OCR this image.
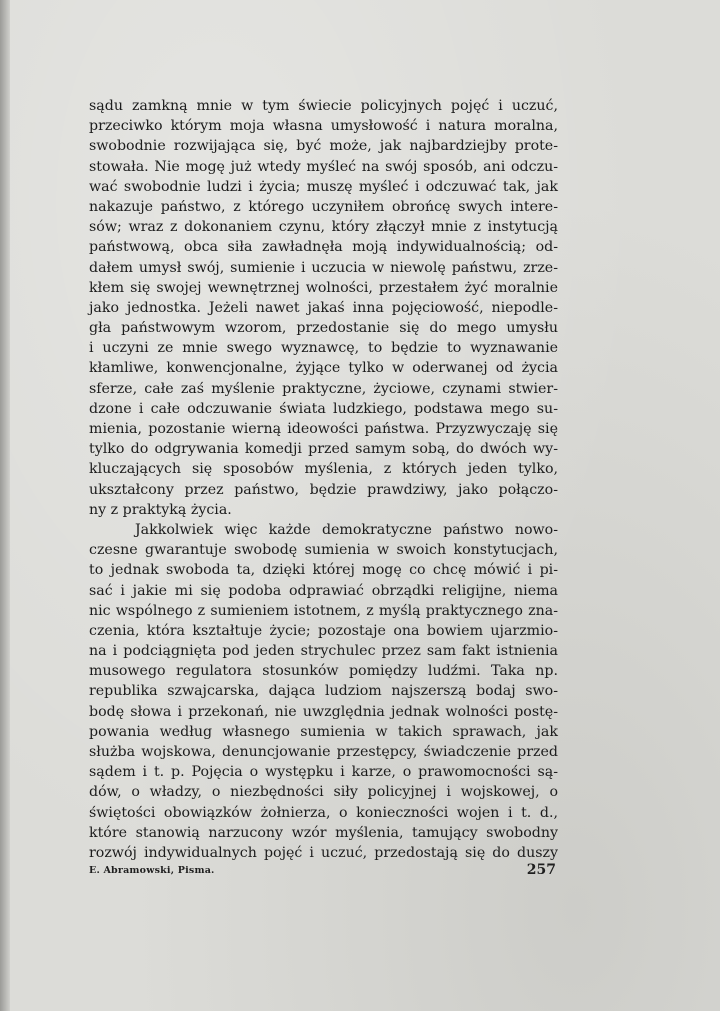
sądu zamkną mnie w tym świecie policyjnych pojęć i uczuć,
przeciwko którym moja własna umysłowość i natura moralna,
swobodnie rozwijająca się, być może, jak najbardziejby prote-
stowała. Nie mogę już wtedy myśleć na swój sposób, ani odczu-
wać swobodnie ludzi i życia; muszę myśleć i odczuwać tak, jak
nakazuje państwo, z którego uczyniłem obrońcę swych intere-
sów; wraz z dokonaniem czynu, który złączył mnie z instytucją
państwową, obca siła zawładnęła moją indywidualnością; od-
dałem umysł swój, sumienie i uczucia w niewolę państwu, zrze-
kłem się swojej wewnętrznej wolności, przestałem żyć moralnie
jako jednostka. Jeżeli nawet jakaś inna pojęciowość, niepodle-
gła państwowym wzorom, przedostanie się do mego umysłu
i uczyni ze mnie swego wyznawcę, to będzie to wyznawanie
kłamliwe, konwencjonalne, żyjące tylko w oderwanej od życia
sferze, całe zaś myślenie praktyczne, życiowe, czynami stwier-
dzone i całe odczuwanie świata ludzkiego, podstawa mego su-
mienia, pozostanie wierną ideowości państwa. Przyzwyczaję się
tylko do odgrywania komedji przed samym sobą, do dwóch wy-
kluczających się sposobów myślenia, z których jeden tylko,
ukształcony przez państwo, będzie prawdziwy, jako połączo-
ny z praktyką życia.
Jakkolwiek więc każde demokratyczne państwo nowo-
czesne gwarantuje swobodę sumienia w swoich konstytucjach,
to jednak swoboda ta, dzięki której mogę co chcę mówić i pi-
sać i jakie mi się podoba odprawiać obrządki religijne, niema
nic wspólnego z sumieniem istotnem, z myślą praktycznego zna-
czenia, która kształtuje życie; pozostaje ona bowiem ujarzmio-
na i podciągnięta pod jeden strychulec przez sam fakt istnienia
musowego regulatora stosunków pomiędzy ludźmi. Taka np.
republika szwajcarska, dająca ludziom najszerszą bodaj swo-
bodę słowa i przekonań, nie uwzględnia jednak wolności postę-
powania według własnego sumienia w takich sprawach, jak
służba wojskowa, denuncjowanie przestępcy, świadczenie przed
sądem i t. p. Pojęcia o występku i karze, o prawomocności są-
dów, o władzy, o niezbędności siły policyjnej i wojskowej, o
świętości obowiązków żołnierza, o konieczności wojen i t. d.,
które stanowią narzucony wzór myślenia, tamujący swobodny
rozwój indywidualnych pojęć i uczuć, przedostają się do duszy
E. Abramowski, Pisma.	257
